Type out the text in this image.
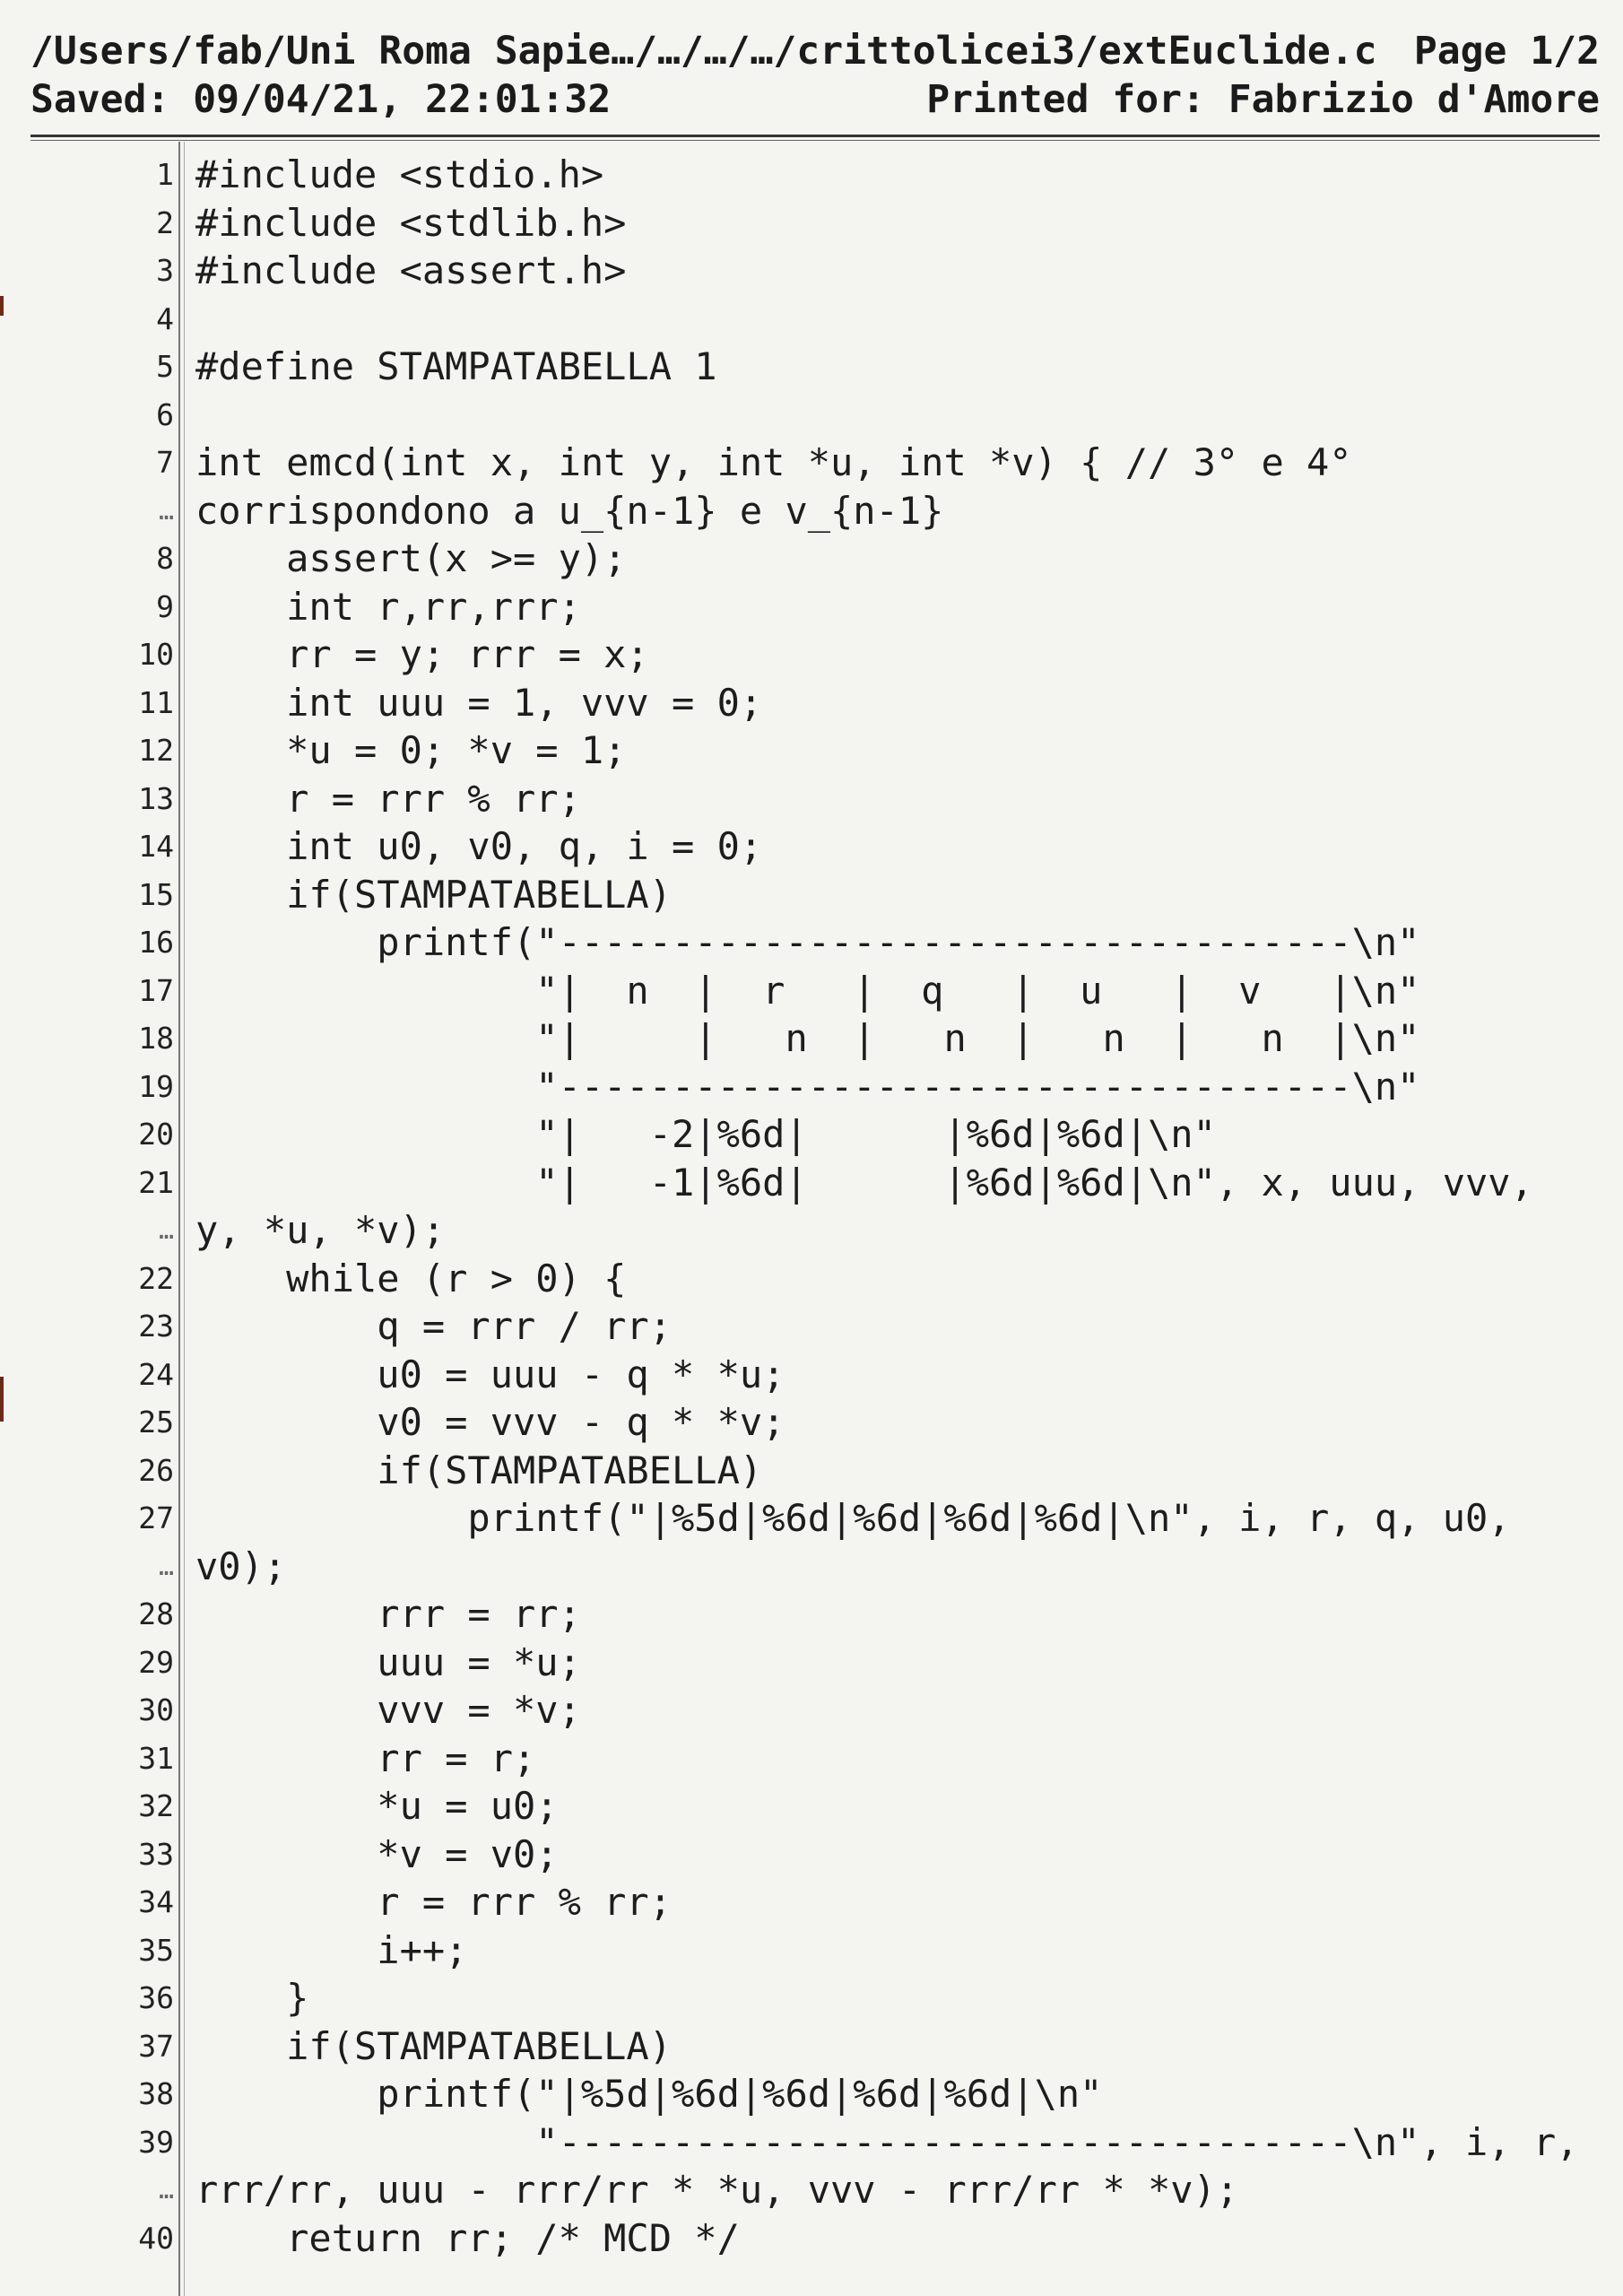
/Users/fab/Uni Roma Sapie…/…/…/…/crittolicei3/extEuclide.c Page 1/2
Saved: 09/04/21, 22:01:32	Printed for: Fabrizio d'Amore
1 #include <stdio.h>
2 #include <stdlib.h>
3 #include <assert.h>
4
5 #define STAMPATABELLA 1
6
7 int emcd(int x, int y, int *u, int *v) { // 3° e 4°
… corrispondono a u_{n-1} e v_{n-1}
8 assert(x >= y);
9 int r,rr,rrr;
10 rr = y; rrr = x;
11 int uuu = 1, vvv = 0;
12 *u = 0; *v = 1;
13 r = rrr % rr;
14 int u0, v0, q, i = 0;
15 if(STAMPATABELLA)
16 printf("-----------------------------------\n"
17 "|  n  |  r   |  q   |  u   |  v   |\n"
18 "|     |   n  |   n  |   n  |   n  |\n"
19 "-----------------------------------\n"
20 "|   -2|%6d|      |%6d|%6d|\n"
21 "|   -1|%6d|      |%6d|%6d|\n", x, uuu, vvv,
… y, *u, *v);
22 while (r > 0) {
23 q = rrr / rr;
24 u0 = uuu - q * *u;
25 v0 = vvv - q * *v;
26 if(STAMPATABELLA)
27 printf("|%5d|%6d|%6d|%6d|%6d|\n", i, r, q, u0,
… v0);
28 rrr = rr;
29 uuu = *u;
30 vvv = *v;
31 rr = r;
32 *u = u0;
33 *v = v0;
34 r = rrr % rr;
35 i++;
36 }
37 if(STAMPATABELLA)
38 printf("|%5d|%6d|%6d|%6d|%6d|\n"
39 "-----------------------------------\n", i, r,
… rrr/rr, uuu - rrr/rr * *u, vvv - rrr/rr * *v);
40 return rr; /* MCD */
